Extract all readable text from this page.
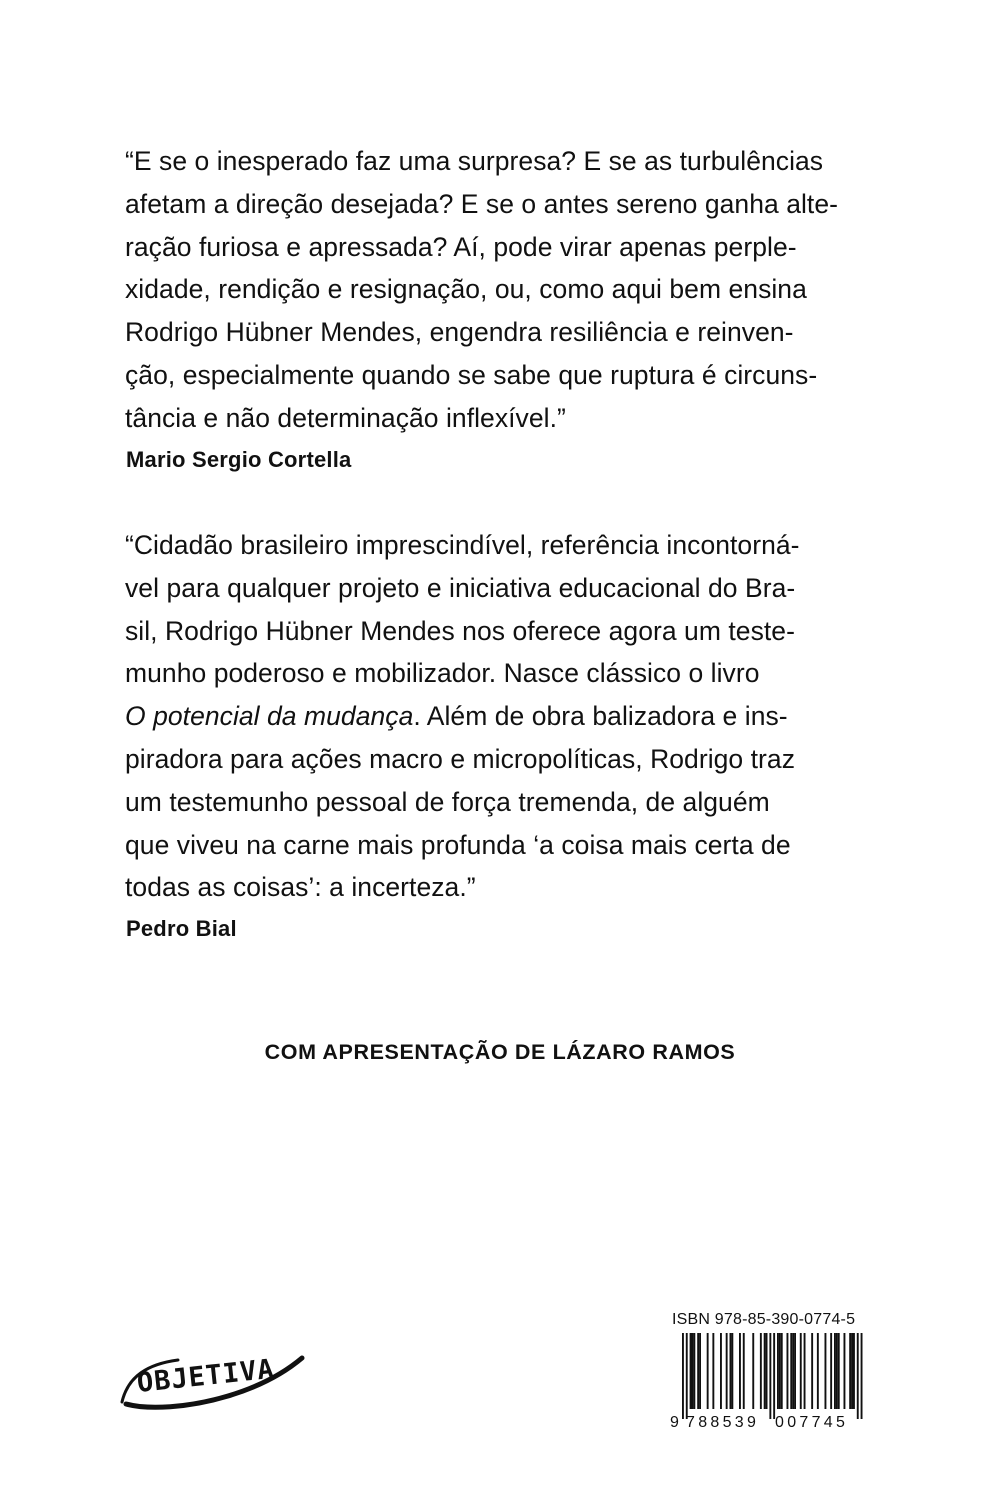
“E se o inesperado faz uma surpresa? E se as turbulências
afetam a direção desejada? E se o antes sereno ganha alte-
ração furiosa e apressada? Aí, pode virar apenas perple-
xidade, rendição e resignação, ou, como aqui bem ensina
Rodrigo Hübner Mendes, engendra resiliência e reinven-
ção, especialmente quando se sabe que ruptura é circuns-
tância e não determinação inflexível.”

Mario Sergio Cortella

“Cidadão brasileiro imprescindível, referência incontorná-
vel para qualquer projeto e iniciativa educacional do Bra-
sil, Rodrigo Hübner Mendes nos oferece agora um teste-
munho poderoso e mobilizador. Nasce clássico o livro
O potencial da mudança. Além de obra balizadora e ins-
piradora para ações macro e micropolíticas, Rodrigo traz
um testemunho pessoal de força tremenda, de alguém
que viveu na carne mais profunda ‘a coisa mais certa de
todas as coisas’: a incerteza.”

Pedro Bial

COM APRESENTAÇÃO DE LÁZARO RAMOS

OBJETIVA
ISBN 978-85-390-0774-5
9 788539 007745
